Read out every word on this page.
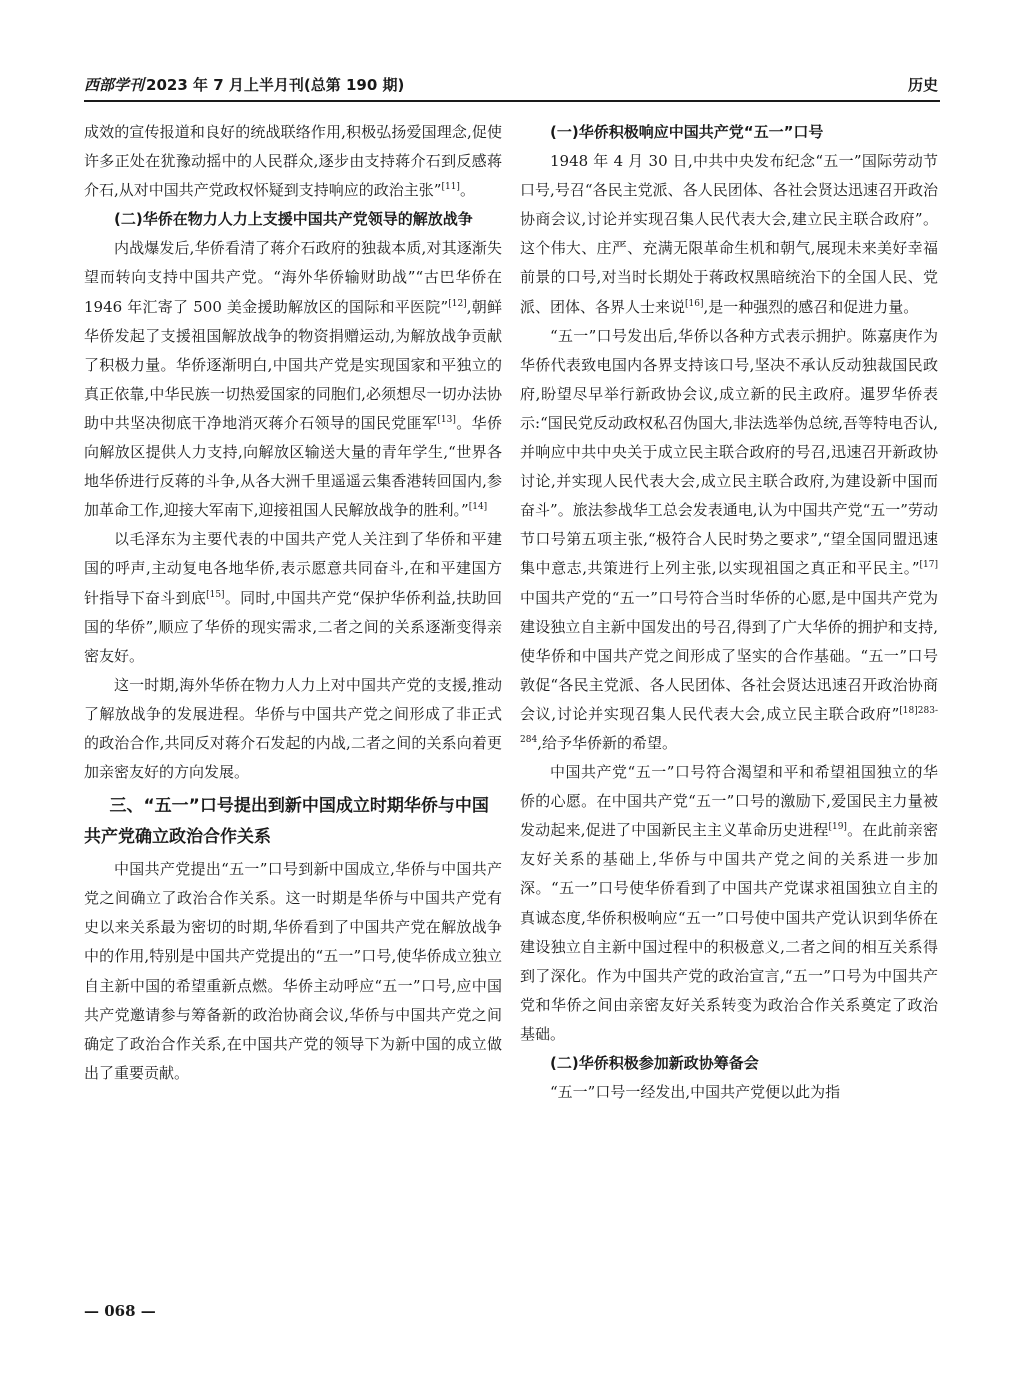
西部学刊 2023 年 7 月上半月刊(总第 190 期)	历史

成效的宣传报道和良好的统战联络作用,积极弘扬爱国理念,促使许多正处在犹豫动摇中的人民群众,逐步由支持蒋介石到反感蒋介石,从对中国共产党政权怀疑到支持响应的政治主张”[11]。

(二)华侨在物力人力上支援中国共产党领导的解放战争

内战爆发后,华侨看清了蒋介石政府的独裁本质,对其逐渐失望而转向支持中国共产党。“海外华侨输财助战”“古巴华侨在 1946 年汇寄了 500 美金援助解放区的国际和平医院”[12],朝鲜华侨发起了支援祖国解放战争的物资捐赠运动,为解放战争贡献了积极力量。华侨逐渐明白,中国共产党是实现国家和平独立的真正依靠,中华民族一切热爱国家的同胞们,必须想尽一切办法协助中共坚决彻底干净地消灭蒋介石领导的国民党匪军[13]。华侨向解放区提供人力支持,向解放区输送大量的青年学生,“世界各地华侨进行反蒋的斗争,从各大洲千里遥遥云集香港转回国内,参加革命工作,迎接大军南下,迎接祖国人民解放战争的胜利。”[14]

以毛泽东为主要代表的中国共产党人关注到了华侨和平建国的呼声,主动复电各地华侨,表示愿意共同奋斗,在和平建国方针指导下奋斗到底[15]。同时,中国共产党“保护华侨利益,扶助回国的华侨”,顺应了华侨的现实需求,二者之间的关系逐渐变得亲密友好。

这一时期,海外华侨在物力人力上对中国共产党的支援,推动了解放战争的发展进程。华侨与中国共产党之间形成了非正式的政治合作,共同反对蒋介石发起的内战,二者之间的关系向着更加亲密友好的方向发展。

三、“五一”口号提出到新中国成立时期华侨与中国共产党确立政治合作关系

中国共产党提出“五一”口号到新中国成立,华侨与中国共产党之间确立了政治合作关系。这一时期是华侨与中国共产党有史以来关系最为密切的时期,华侨看到了中国共产党在解放战争中的作用,特别是中国共产党提出的“五一”口号,使华侨成立独立自主新中国的希望重新点燃。华侨主动呼应“五一”口号,应中国共产党邀请参与筹备新的政治协商会议,华侨与中国共产党之间确定了政治合作关系,在中国共产党的领导下为新中国的成立做出了重要贡献。

(一)华侨积极响应中国共产党“五一”口号

1948 年 4 月 30 日,中共中央发布纪念“五一”国际劳动节口号,号召“各民主党派、各人民团体、各社会贤达迅速召开政治协商会议,讨论并实现召集人民代表大会,建立民主联合政府”。这个伟大、庄严、充满无限革命生机和朝气,展现未来美好幸福前景的口号,对当时长期处于蒋政权黑暗统治下的全国人民、党派、团体、各界人士来说[16],是一种强烈的感召和促进力量。

“五一”口号发出后,华侨以各种方式表示拥护。陈嘉庚作为华侨代表致电国内各界支持该口号,坚决不承认反动独裁国民政府,盼望尽早举行新政协会议,成立新的民主政府。暹罗华侨表示:“国民党反动政权私召伪国大,非法选举伪总统,吾等特电否认,并响应中共中央关于成立民主联合政府的号召,迅速召开新政协讨论,并实现人民代表大会,成立民主联合政府,为建设新中国而奋斗”。旅法参战华工总会发表通电,认为中国共产党“五一”劳动节口号第五项主张,“极符合人民时势之要求”,“望全国同盟迅速集中意志,共策进行上列主张,以实现祖国之真正和平民主。”[17]中国共产党的“五一”口号符合当时华侨的心愿,是中国共产党为建设独立自主新中国发出的号召,得到了广大华侨的拥护和支持,使华侨和中国共产党之间形成了坚实的合作基础。“五一”口号敦促“各民主党派、各人民团体、各社会贤达迅速召开政治协商会议,讨论并实现召集人民代表大会,成立民主联合政府”$^{[18]283-284}$,给予华侨新的希望。

中国共产党“五一”口号符合渴望和平和希望祖国独立的华侨的心愿。在中国共产党“五一”口号的激励下,爱国民主力量被发动起来,促进了中国新民主主义革命历史进程[19]。在此前亲密友好关系的基础上,华侨与中国共产党之间的关系进一步加深。“五一”口号使华侨看到了中国共产党谋求祖国独立自主的真诚态度,华侨积极响应“五一”口号使中国共产党认识到华侨在建设独立自主新中国过程中的积极意义,二者之间的相互关系得到了深化。作为中国共产党的政治宣言,“五一”口号为中国共产党和华侨之间由亲密友好关系转变为政治合作关系奠定了政治基础。

(二)华侨积极参加新政协筹备会

“五一”口号一经发出,中国共产党便以此为指

— 068 —
